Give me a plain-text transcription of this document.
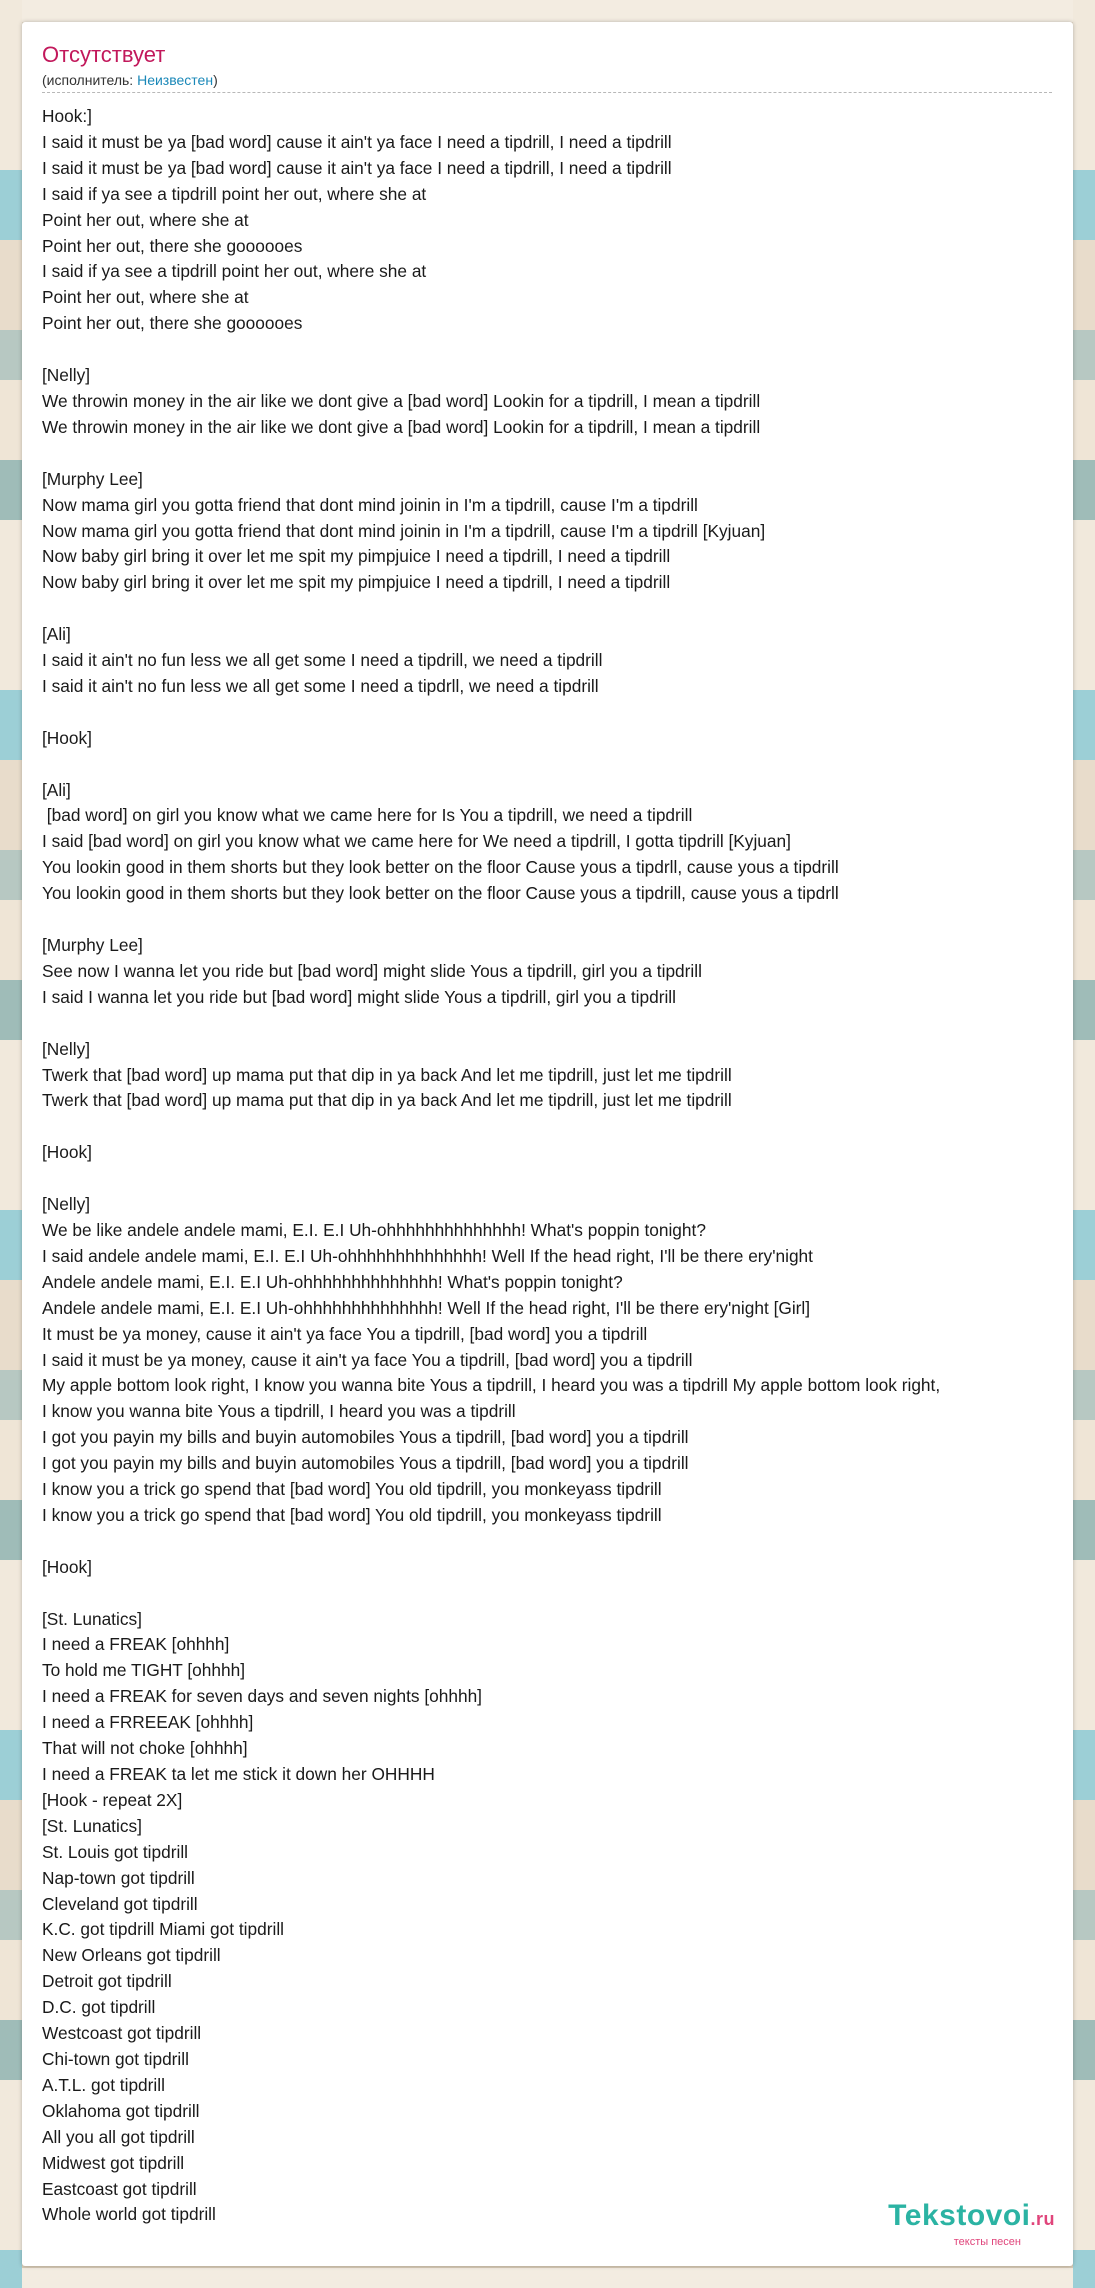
Отсутствует
(исполнитель: Неизвестен)
Hook:]
I said it must be ya [bad word] cause it ain't ya face I need a tipdrill, I need a tipdrill
I said it must be ya [bad word] cause it ain't ya face I need a tipdrill, I need a tipdrill
I said if ya see a tipdrill point her out, where she at
Point her out, where she at
Point her out, there she goooooes
I said if ya see a tipdrill point her out, where she at
Point her out, where she at
Point her out, there she goooooes

[Nelly]
We throwin money in the air like we dont give a [bad word] Lookin for a tipdrill, I mean a tipdrill
We throwin money in the air like we dont give a [bad word] Lookin for a tipdrill, I mean a tipdrill

[Murphy Lee]
Now mama girl you gotta friend that dont mind joinin in I'm a tipdrill, cause I'm a tipdrill
Now mama girl you gotta friend that dont mind joinin in I'm a tipdrill, cause I'm a tipdrill [Kyjuan]
Now baby girl bring it over let me spit my pimpjuice I need a tipdrill, I need a tipdrill
Now baby girl bring it over let me spit my pimpjuice I need a tipdrill, I need a tipdrill

[Ali]
I said it ain't no fun less we all get some I need a tipdrill, we need a tipdrill
I said it ain't no fun less we all get some I need a tipdrll, we need a tipdrill

[Hook]

[Ali]
[bad word] on girl you know what we came here for Is You a tipdrill, we need a tipdrill
I said [bad word] on girl you know what we came here for We need a tipdrill, I gotta tipdrill [Kyjuan]
You lookin good in them shorts but they look better on the floor Cause yous a tipdrll, cause yous a tipdrill
You lookin good in them shorts but they look better on the floor Cause yous a tipdrill, cause yous a tipdrll

[Murphy Lee]
See now I wanna let you ride but [bad word] might slide Yous a tipdrill, girl you a tipdrill
I said I wanna let you ride but [bad word] might slide Yous a tipdrill, girl you a tipdrill

[Nelly]
Twerk that [bad word] up mama put that dip in ya back And let me tipdrill, just let me tipdrill
Twerk that [bad word] up mama put that dip in ya back And let me tipdrill, just let me tipdrill

[Hook]

[Nelly]
We be like andele andele mami, E.I. E.I Uh-ohhhhhhhhhhhhhh! What's poppin tonight?
I said andele andele mami, E.I. E.I Uh-ohhhhhhhhhhhhhh! Well If the head right, I'll be there ery'night
Andele andele mami, E.I. E.I Uh-ohhhhhhhhhhhhhh! What's poppin tonight?
Andele andele mami, E.I. E.I Uh-ohhhhhhhhhhhhhh! Well If the head right, I'll be there ery'night [Girl]
It must be ya money, cause it ain't ya face You a tipdrill, [bad word] you a tipdrill
I said it must be ya money, cause it ain't ya face You a tipdrill, [bad word] you a tipdrill
My apple bottom look right, I know you wanna bite Yous a tipdrill, I heard you was a tipdrill My apple bottom look right,
I know you wanna bite Yous a tipdrill, I heard you was a tipdrill
I got you payin my bills and buyin automobiles Yous a tipdrill, [bad word] you a tipdrill
I got you payin my bills and buyin automobiles Yous a tipdrill, [bad word] you a tipdrill
I know you a trick go spend that [bad word] You old tipdrill, you monkeyass tipdrill
I know you a trick go spend that [bad word] You old tipdrill, you monkeyass tipdrill

[Hook]

[St. Lunatics]
I need a FREAK [ohhhh]
To hold me TIGHT [ohhhh]
I need a FREAK for seven days and seven nights [ohhhh]
I need a FRREEAK [ohhhh]
That will not choke [ohhhh]
I need a FREAK ta let me stick it down her OHHHH
[Hook - repeat 2X]
[St. Lunatics]
St. Louis got tipdrill
Nap-town got tipdrill
Cleveland got tipdrill
K.C. got tipdrill Miami got tipdrill
New Orleans got tipdrill
Detroit got tipdrill
D.C. got tipdrill
Westcoast got tipdrill
Chi-town got tipdrill
A.T.L. got tipdrill
Oklahoma got tipdrill
All you all got tipdrill
Midwest got tipdrill
Eastcoast got tipdrill
Whole world got tipdrill	Tekstovoi.ru
тексты песен
